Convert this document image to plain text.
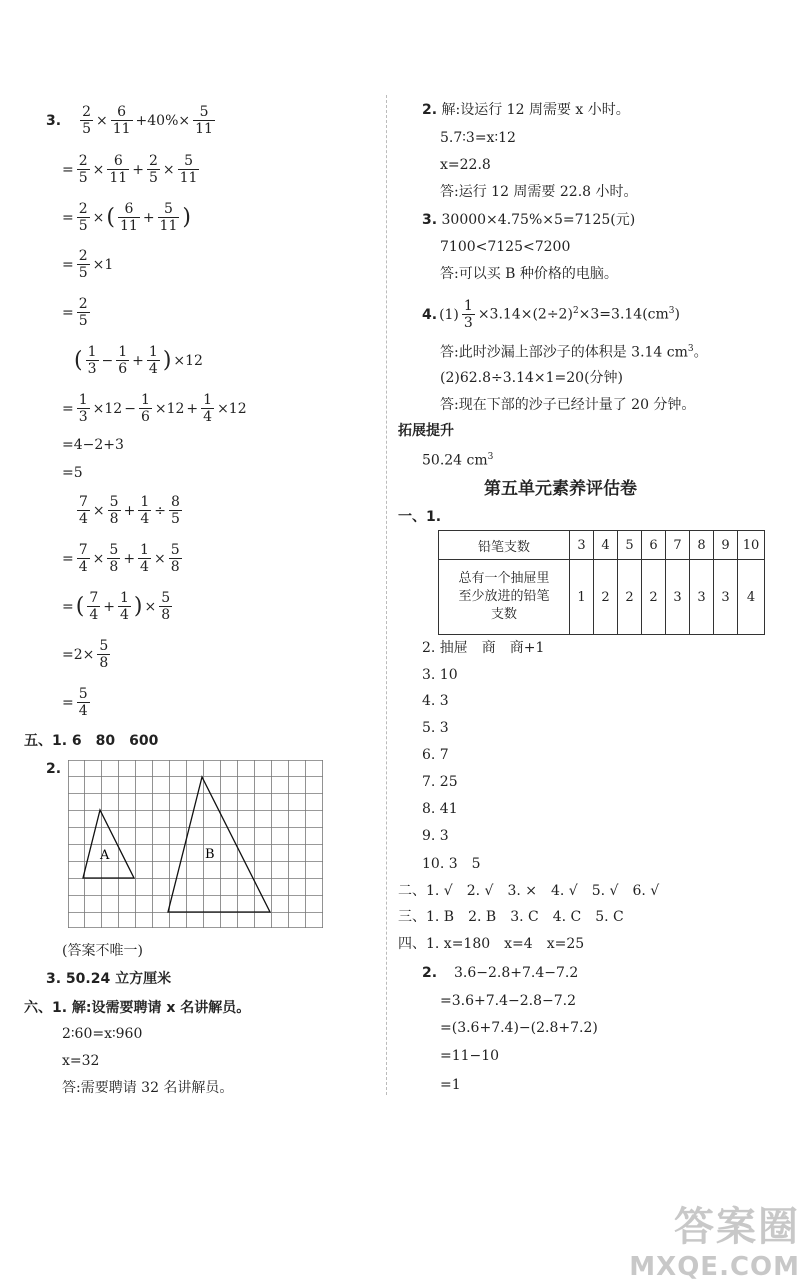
3. $\frac{2}{5} \times \frac{6}{11} +40\%\times \frac{5}{11}$
= $\frac{2}{5} \times \frac{6}{11} + \frac{2}{5} \times \frac{5}{11}$
= $\frac{2}{5}$ × ( $\frac{6}{11} + \frac{5}{11}$ )
= $\frac{2}{5} \times 1$
= $\frac{2}{5}$
( $\frac{1}{3} - \frac{1}{6} + \frac{1}{4}$ ) ×12
= $\frac{1}{3} \times 12 - \frac{1}{6} \times 12 + \frac{1}{4} \times 12$
=4−2+3
=5
$\frac{7}{4} \times \frac{5}{8} + \frac{1}{4} \div \frac{8}{5}$
= $\frac{7}{4} \times \frac{5}{8} + \frac{1}{4} \times \frac{5}{8}$
= ( $\frac{7}{4} + \frac{1}{4}$ ) × $\frac{5}{8}$
$=2\times \frac{5}{8}$
= $\frac{5}{4}$
五、1. 6　80　600
2.
A	B
(答案不唯一)
3. 50.24 立方厘米
六、1. 解:设需要聘请 x 名讲解员。
2∶60=x∶960
x=32
答:需要聘请 32 名讲解员。
2. 解:设运行 12 周需要 x 小时。
5.7∶3=x∶12
x=22.8
答:运行 12 周需要 22.8 小时。
3. 30000×4.75%×5=7125(元)
7100<7125<7200
答:可以买 B 种价格的电脑。
4. $(1) \frac{1}{3} \times 3.14\times(2\div 2)^2\times 3=3.14(cm^3)$
答:此时沙漏上部沙子的体积是 3.14 $cm^3$。
(2)62.8÷3.14×1=20(分钟)
答:现在下部的沙子已经计量了 20 分钟。
拓展提升
50.24 $cm^3$
第五单元素养评估卷
一、1.
铅笔支数	3	4	5	6	7	8	9	10
总有一个抽屉里至少放进的铅笔支数	1	2	2	2	3	3	3	4
2. 抽屉　商　商+1
3. 10
4. 3
5. 3
6. 7
7. 25
8. 41
9. 3
10. 3　5
二、1. √　2. √　3. ×　4. √　5. √　6. √
三、1. B　2. B　3. C　4. C　5. C
四、1. x=180　x=4　x=25
2. 3.6−2.8+7.4−7.2
=3.6+7.4−2.8−7.2
=(3.6+7.4)−(2.8+7.2)
=11−10
=1
答案圈
MXQE.COM
